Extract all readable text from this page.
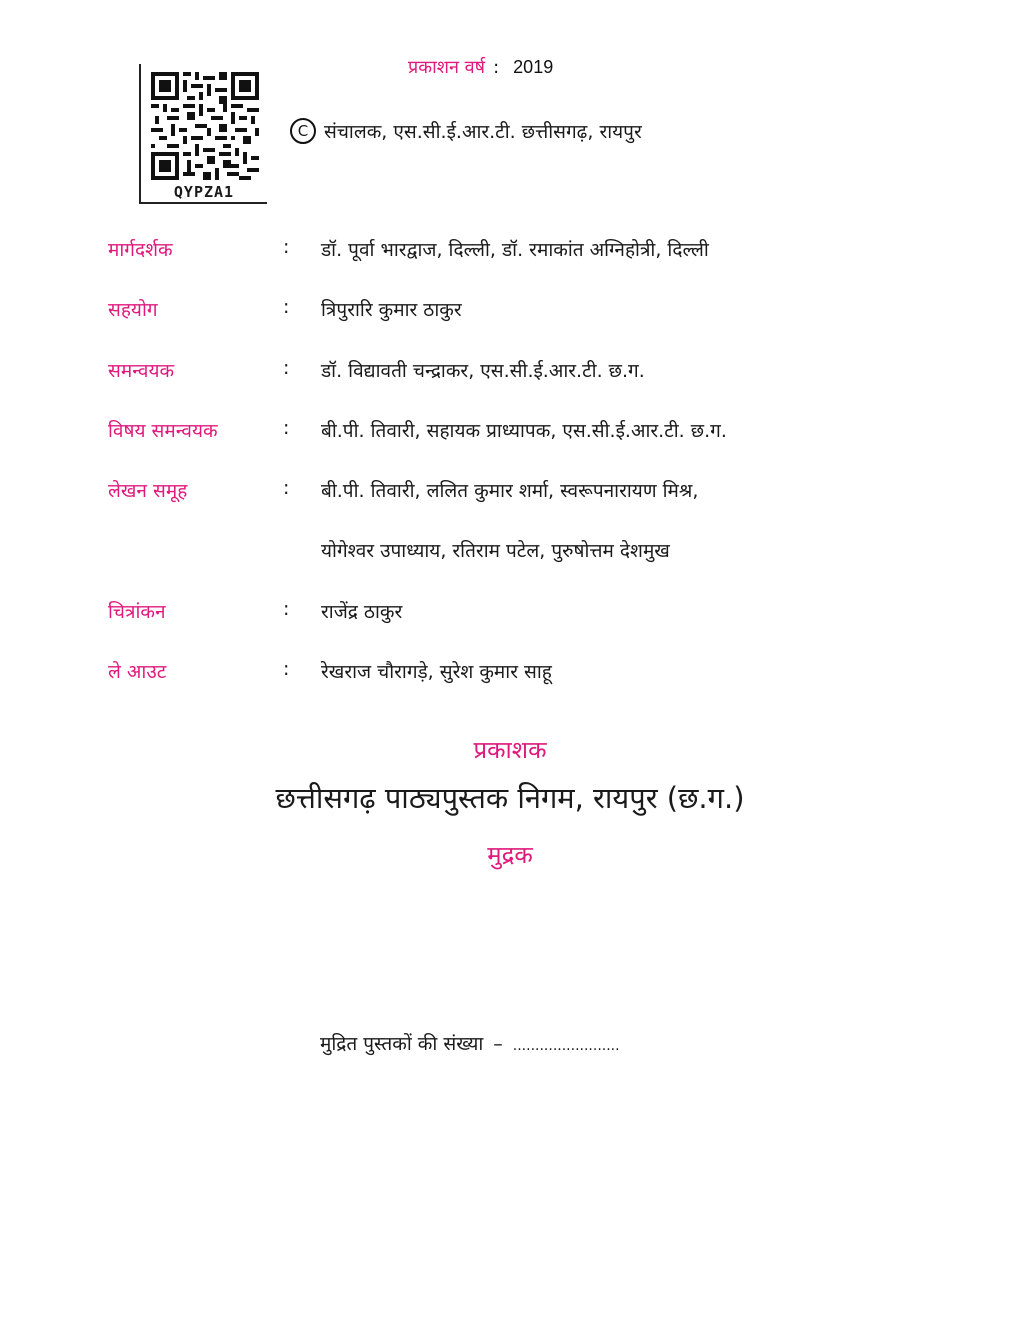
QYPZA1
प्रकाशन वर्ष : 2019
C संचालक, एस.सी.ई.आर.टी. छत्तीसगढ़, रायपुर
मार्गदर्शक	: डॉ. पूर्वा भारद्वाज, दिल्ली, डॉ. रमाकांत अग्निहोत्री, दिल्ली
सहयोग	: त्रिपुरारि कुमार ठाकुर
समन्वयक	: डॉ. विद्यावती चन्द्राकर, एस.सी.ई.आर.टी. छ.ग.
विषय समन्वयक	: बी.पी. तिवारी, सहायक प्राध्यापक, एस.सी.ई.आर.टी. छ.ग.
लेखन समूह	: बी.पी. तिवारी, ललित कुमार शर्मा, स्वरूपनारायण मिश्र,
योगेश्वर उपाध्याय, रतिराम पटेल, पुरुषोत्तम देशमुख
चित्रांकन	: राजेंद्र ठाकुर
ले आउट	: रेखराज चौरागड़े, सुरेश कुमार साहू
प्रकाशक
छत्तीसगढ़ पाठ्यपुस्तक निगम, रायपुर (छ.ग.)
मुद्रक
मुद्रित पुस्तकों की संख्या – ........................
